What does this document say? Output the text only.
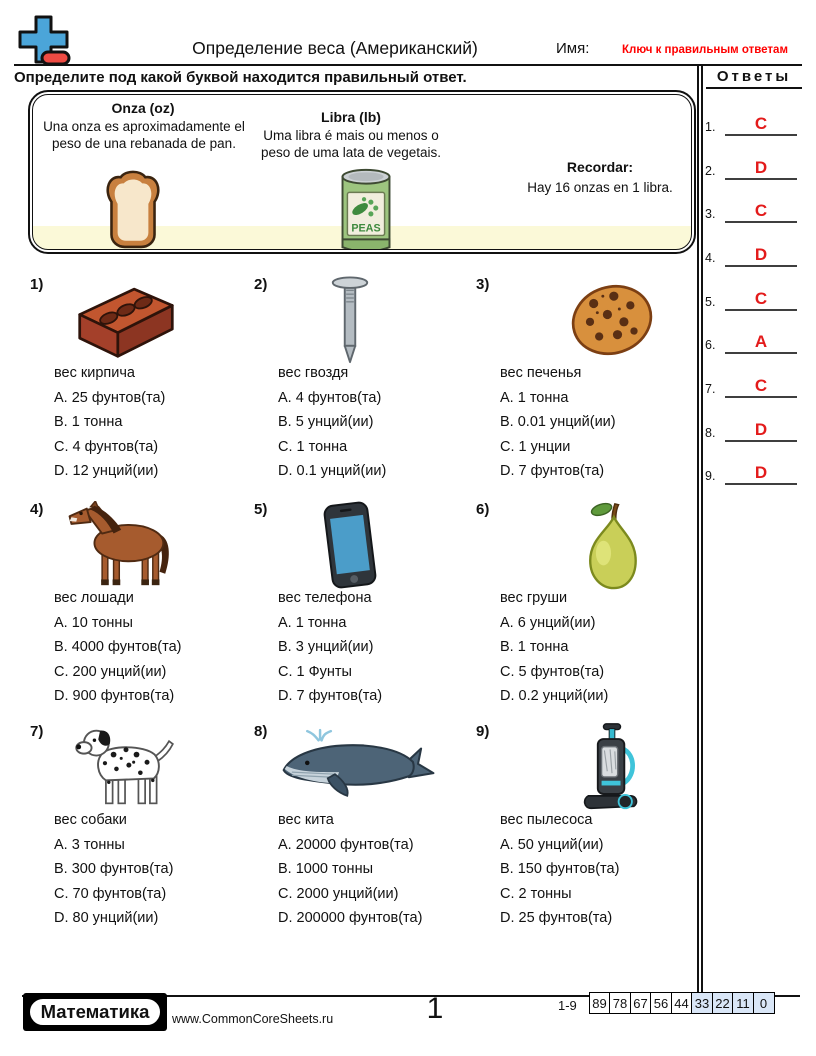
Определение веса (Американский)	Имя:	Ключ к правильным ответам
Определите под какой буквой находится правильный ответ.
Onza (oz)
Una onza es aproximadamente el peso de una rebanada de pan.
Libra (lb)
Uma libra é mais ou menos o peso de uma lata de vegetais.
Recordar:
Hay 16 onzas en 1 libra.
PEAS
1)
вес кирпича
A. 25 фунтов(та)
B. 1 тонна
C. 4 фунтов(та)
D. 12 унций(ии)
2)
вес гвоздя
A. 4 фунтов(та)
B. 5 унций(ии)
C. 1 тонна
D. 0.1 унций(ии)
3)
вес печенья
A. 1 тонна
B. 0.01 унций(ии)
C. 1 унции
D. 7 фунтов(та)
4)
вес лошади
A. 10 тонны
B. 4000 фунтов(та)
C. 200 унций(ии)
D. 900 фунтов(та)
5)
вес телефона
A. 1 тонна
B. 3 унций(ии)
C. 1 Фунты
D. 7 фунтов(та)
6)
вес груши
A. 6 унций(ии)
B. 1 тонна
C. 5 фунтов(та)
D. 0.2 унций(ии)
7)
вес собаки
A. 3 тонны
B. 300 фунтов(та)
C. 70 фунтов(та)
D. 80 унций(ии)
8)
вес кита
A. 20000 фунтов(та)
B. 1000 тонны
C. 2000 унций(ии)
D. 200000 фунтов(та)
9)
вес пылесоса
A. 50 унций(ии)
B. 150 фунтов(та)
C. 2 тонны
D. 25 фунтов(та)
Ответы
1.	C
2.	D
3.	C
4.	D
5.	C
6.	A
7.	C
8.	D
9.	D
Математика	www.CommonCoreSheets.ru	1	1-9 89 78 67 56 44 33 22 11 0
